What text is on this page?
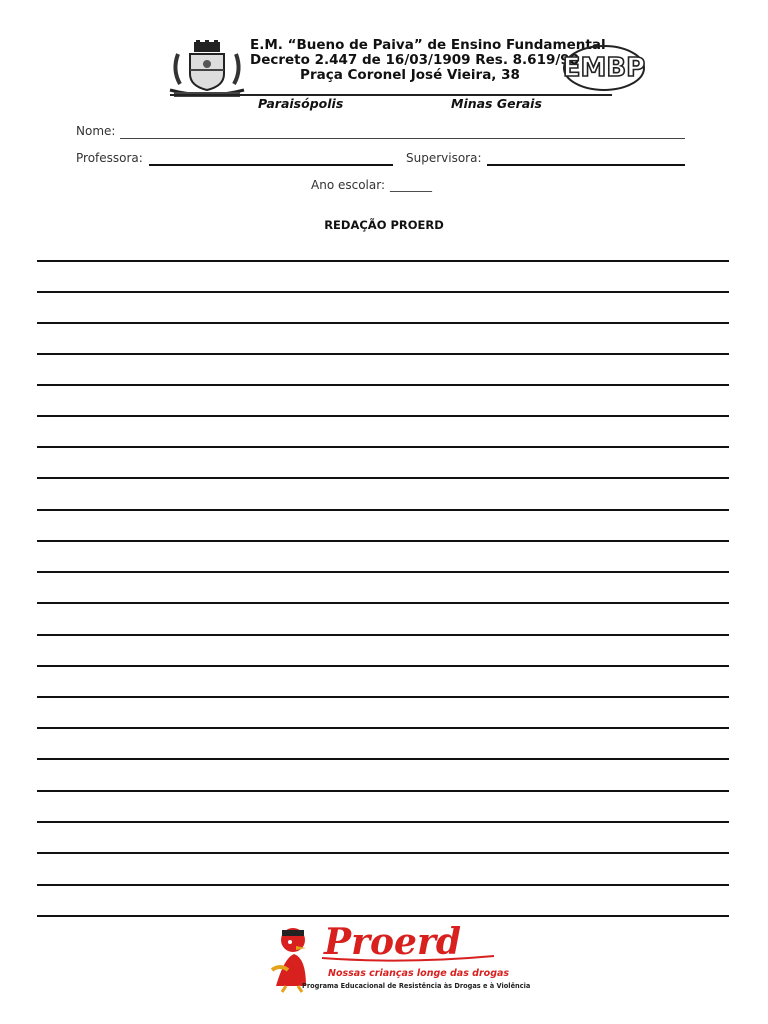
E.M. “Bueno de Paiva” de Ensino Fundamental
Decreto 2.447 de 16/03/1909 Res. 8.619/98
Praça Coronel José Vieira, 38	EMBP
Paraisópolis	Minas Gerais
Nome:
Professora:	Supervisora:
Ano escolar: _______
REDAÇÃO PROERD
Proerd
Nossas crianças longe das drogas
Programa Educacional de Resistência às Drogas e à Violência
